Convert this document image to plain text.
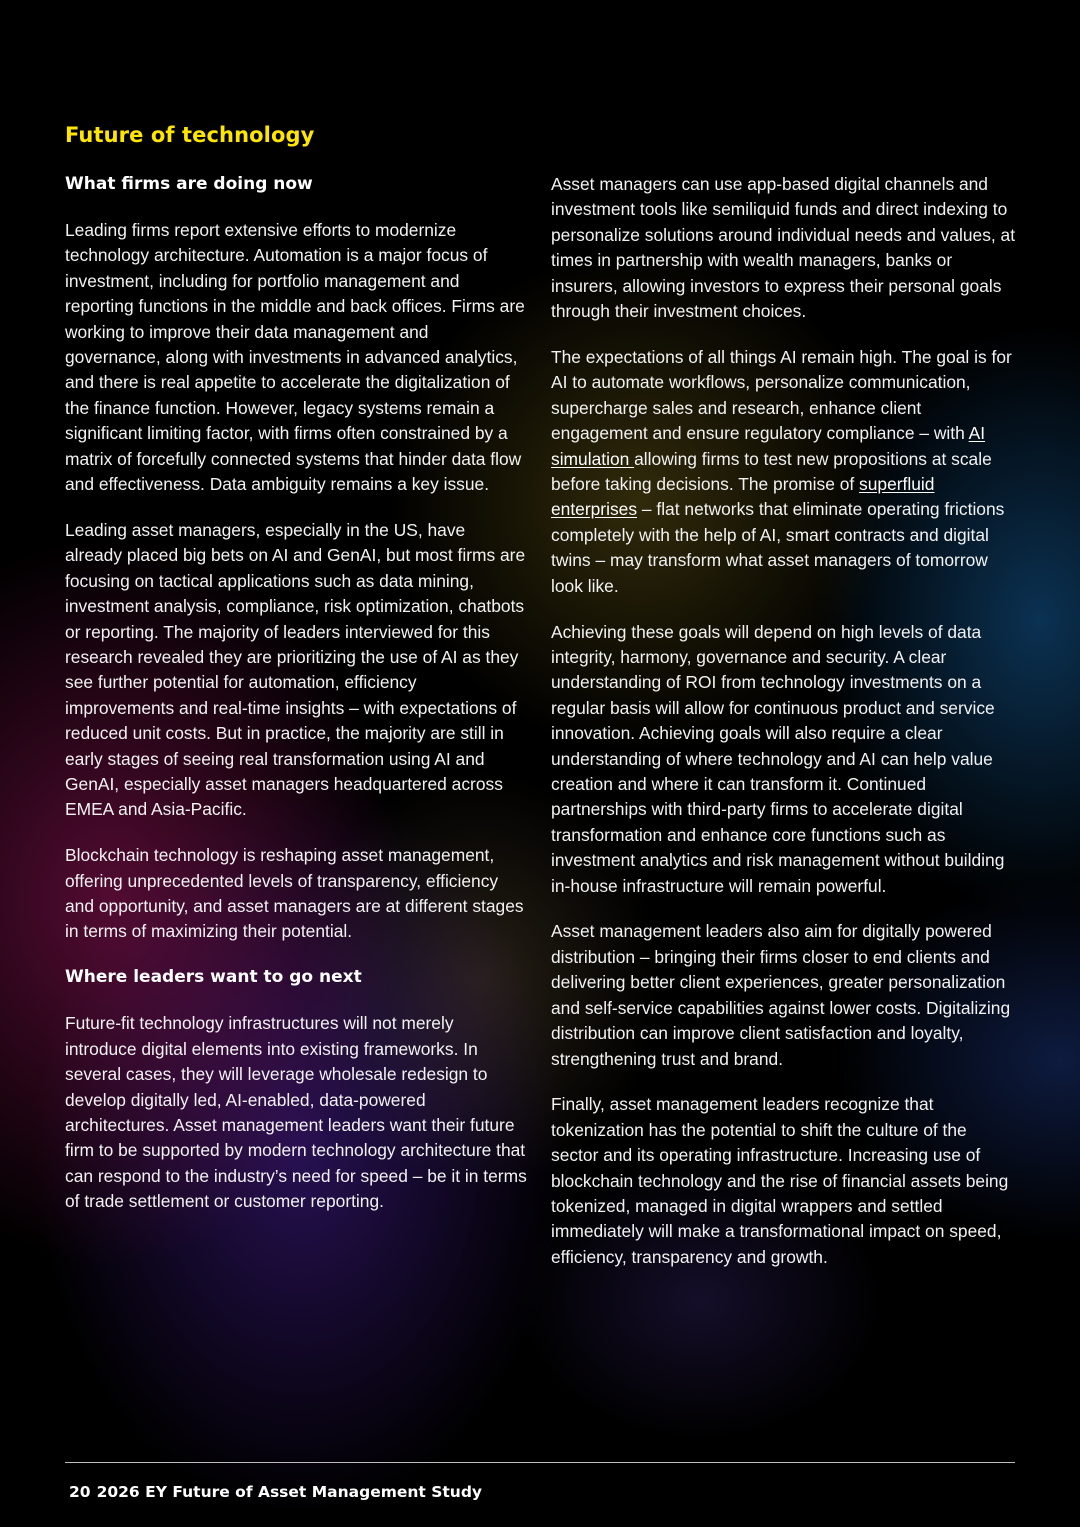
Future of technology
What firms are doing now

Leading firms report extensive efforts to modernize technology architecture. Automation is a major focus of investment, including for portfolio management and reporting functions in the middle and back offices. Firms are working to improve their data management and governance, along with investments in advanced analytics, and there is real appetite to accelerate the digitalization of the finance function. However, legacy systems remain a significant limiting factor, with firms often constrained by a matrix of forcefully connected systems that hinder data flow and effectiveness. Data ambiguity remains a key issue.

Leading asset managers, especially in the US, have already placed big bets on AI and GenAI, but most firms are focusing on tactical applications such as data mining, investment analysis, compliance, risk optimization, chatbots or reporting. The majority of leaders interviewed for this research revealed they are prioritizing the use of AI as they see further potential for automation, efficiency improvements and real-time insights – with expectations of reduced unit costs. But in practice, the majority are still in early stages of seeing real transformation using AI and GenAI, especially asset managers headquartered across EMEA and Asia-Pacific.

Blockchain technology is reshaping asset management, offering unprecedented levels of transparency, efficiency and opportunity, and asset managers are at different stages in terms of maximizing their potential.

Where leaders want to go next

Future-fit technology infrastructures will not merely introduce digital elements into existing frameworks. In several cases, they will leverage wholesale redesign to develop digitally led, AI-enabled, data-powered architectures. Asset management leaders want their future firm to be supported by modern technology architecture that can respond to the industry’s need for speed – be it in terms of trade settlement or customer reporting.

Asset managers can use app-based digital channels and investment tools like semiliquid funds and direct indexing to personalize solutions around individual needs and values, at times in partnership with wealth managers, banks or insurers, allowing investors to express their personal goals through their investment choices.

The expectations of all things AI remain high. The goal is for AI to automate workflows, personalize communication, supercharge sales and research, enhance client engagement and ensure regulatory compliance – with AI simulation allowing firms to test new propositions at scale before taking decisions. The promise of superfluid enterprises – flat networks that eliminate operating frictions completely with the help of AI, smart contracts and digital twins – may transform what asset managers of tomorrow look like.

Achieving these goals will depend on high levels of data integrity, harmony, governance and security. A clear understanding of ROI from technology investments on a regular basis will allow for continuous product and service innovation. Achieving goals will also require a clear understanding of where technology and AI can help value creation and where it can transform it. Continued partnerships with third-party firms to accelerate digital transformation and enhance core functions such as investment analytics and risk management without building in-house infrastructure will remain powerful.

Asset management leaders also aim for digitally powered distribution – bringing their firms closer to end clients and delivering better client experiences, greater personalization and self-service capabilities against lower costs. Digitalizing distribution can improve client satisfaction and loyalty, strengthening trust and brand.

Finally, asset management leaders recognize that tokenization has the potential to shift the culture of the sector and its operating infrastructure. Increasing use of blockchain technology and the rise of financial assets being tokenized, managed in digital wrappers and settled immediately will make a transformational impact on speed, efficiency, transparency and growth.

20 2026 EY Future of Asset Management Study
